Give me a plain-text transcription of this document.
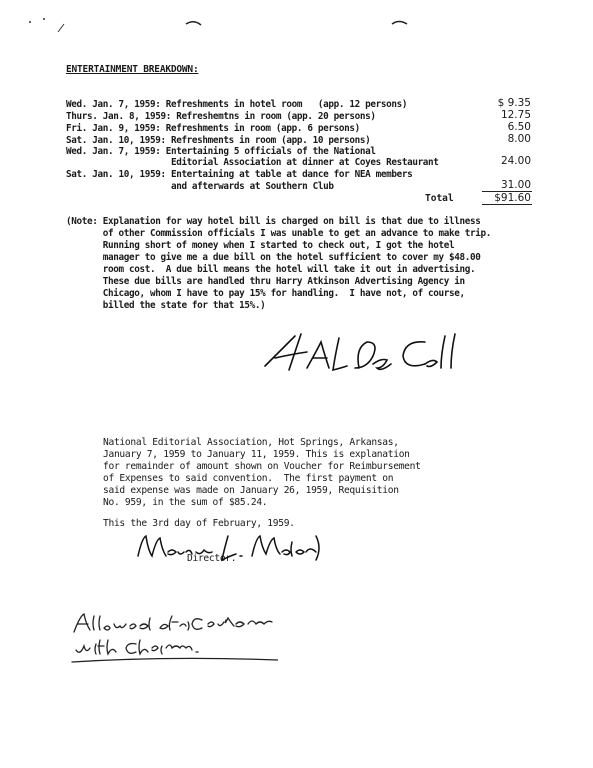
ENTERTAINMENT BREAKDOWN:
Wed. Jan. 7, 1959: Refreshments in hotel room   (app. 12 persons)	$ 9.35
Thurs. Jan. 8, 1959: Refreshemtns in room (app. 20 persons)	12.75
Fri. Jan. 9, 1959: Refreshments in room (app. 6 persons)	6.50
Sat. Jan. 10, 1959: Refreshments in room (app. 10 persons)	8.00
Wed. Jan. 7, 1959: Entertaining 5 officials of the National
Editorial Association at dinner at Coyes Restaurant	24.00
Sat. Jan. 10, 1959: Entertaining at table at dance for NEA members
and afterwards at Southern Club	31.00
Total	$91.60
(Note: Explanation for way hotel bill is charged on bill is that due to illness
of other Commission officials I was unable to get an advance to make trip.
Running short of money when I started to check out, I got the hotel
manager to give me a due bill on the hotel sufficient to cover my $48.00
room cost.  A due bill means the hotel will take it out in advertising.
These due bills are handled thru Harry Atkinson Advertising Agency in
Chicago, whom I have to pay 15% for handling.  I have not, of course,
billed the state for that 15%.)
National Editorial Association, Hot Springs, Arkansas,
January 7, 1959 to January 11, 1959. This is explanation
for remainder of amount shown on Voucher for Reimbursement
of Expenses to said convention.  The first payment on
said expense was made on January 26, 1959, Requisition
No. 959, in the sum of $85.24.
This the 3rd day of February, 1959.
Director.
